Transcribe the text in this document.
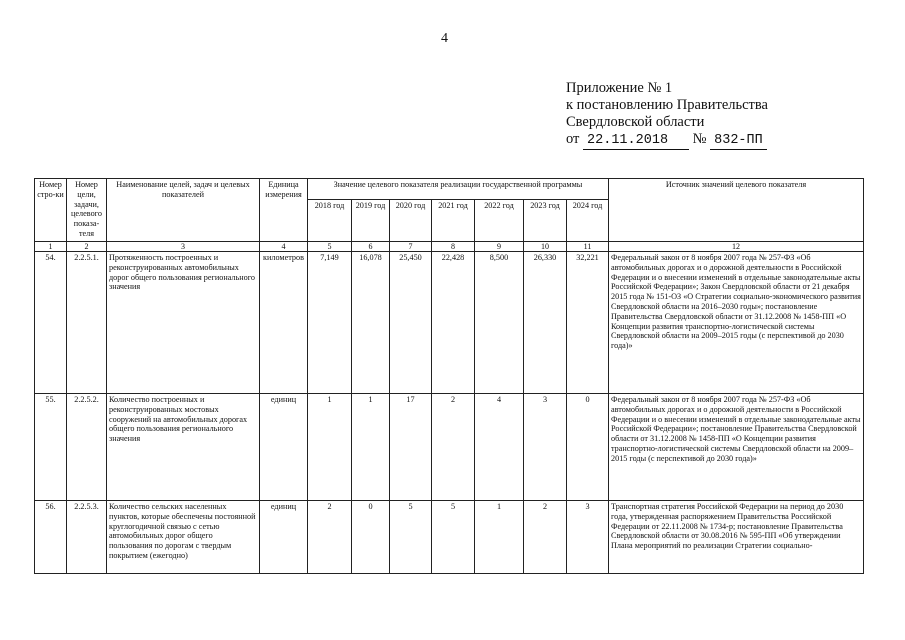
4
Приложение № 1
к постановлению Правительства
Свердловской области
от 22.11.2018 № 832-ПП
Номер стро-ки	Номер цели, задачи, целевого показа-теля	Наименование целей, задач и целевых показателей	Единица измерения	Значение целевого показателя реализации государственной программы							Источник значений целевого показателя
				2018 год	2019 год	2020 год	2021 год	2022 год	2023 год	2024 год	
1	2	3	4	5	6	7	8	9	10	11	12
54.	2.2.5.1.	Протяженность построенных и реконструированных автомобильных дорог общего пользования регионального значения	километров	7,149	16,078	25,450	22,428	8,500	26,330	32,221	Федеральный закон от 8 ноября 2007 года № 257-ФЗ «Об автомобильных дорогах и о дорожной деятельности в Российской Федерации и о внесении изменений в отдельные законодательные акты Российской Федерации»; Закон Свердловской области от 21 декабря 2015 года № 151-ОЗ «О Стратегии социально-экономического развития Свердловской области на 2016–2030 годы»; постановление Правительства Свердловской области от 31.12.2008 № 1458-ПП «О Концепции развития транспортно-логистической системы Свердловской области на 2009–2015 годы (с перспективой до 2030 года)»
55.	2.2.5.2.	Количество построенных и реконструированных мостовых сооружений на автомобильных дорогах общего пользования регионального значения	единиц	1	1	17	2	4	3	0	Федеральный закон от 8 ноября 2007 года № 257-ФЗ «Об автомобильных дорогах и о дорожной деятельности в Российской Федерации и о внесении изменений в отдельные законодательные акты Российской Федерации»; постановление Правительства Свердловской области от 31.12.2008 № 1458-ПП «О Концепции развития транспортно-логистической системы Свердловской области на 2009–2015 годы (с перспективой до 2030 года)»
56.	2.2.5.3.	Количество сельских населенных пунктов, которые обеспечены постоянной круглогодичной связью с сетью автомобильных дорог общего пользования по дорогам с твердым покрытием (ежегодно)	единиц	2	0	5	5	1	2	3	Транспортная стратегия Российской Федерации на период до 2030 года, утвержденная распоряжением Правительства Российской Федерации от 22.11.2008 № 1734-р; постановление Правительства Свердловской области от 30.08.2016 № 595-ПП «Об утверждении Плана мероприятий по реализации Стратегии социально-
